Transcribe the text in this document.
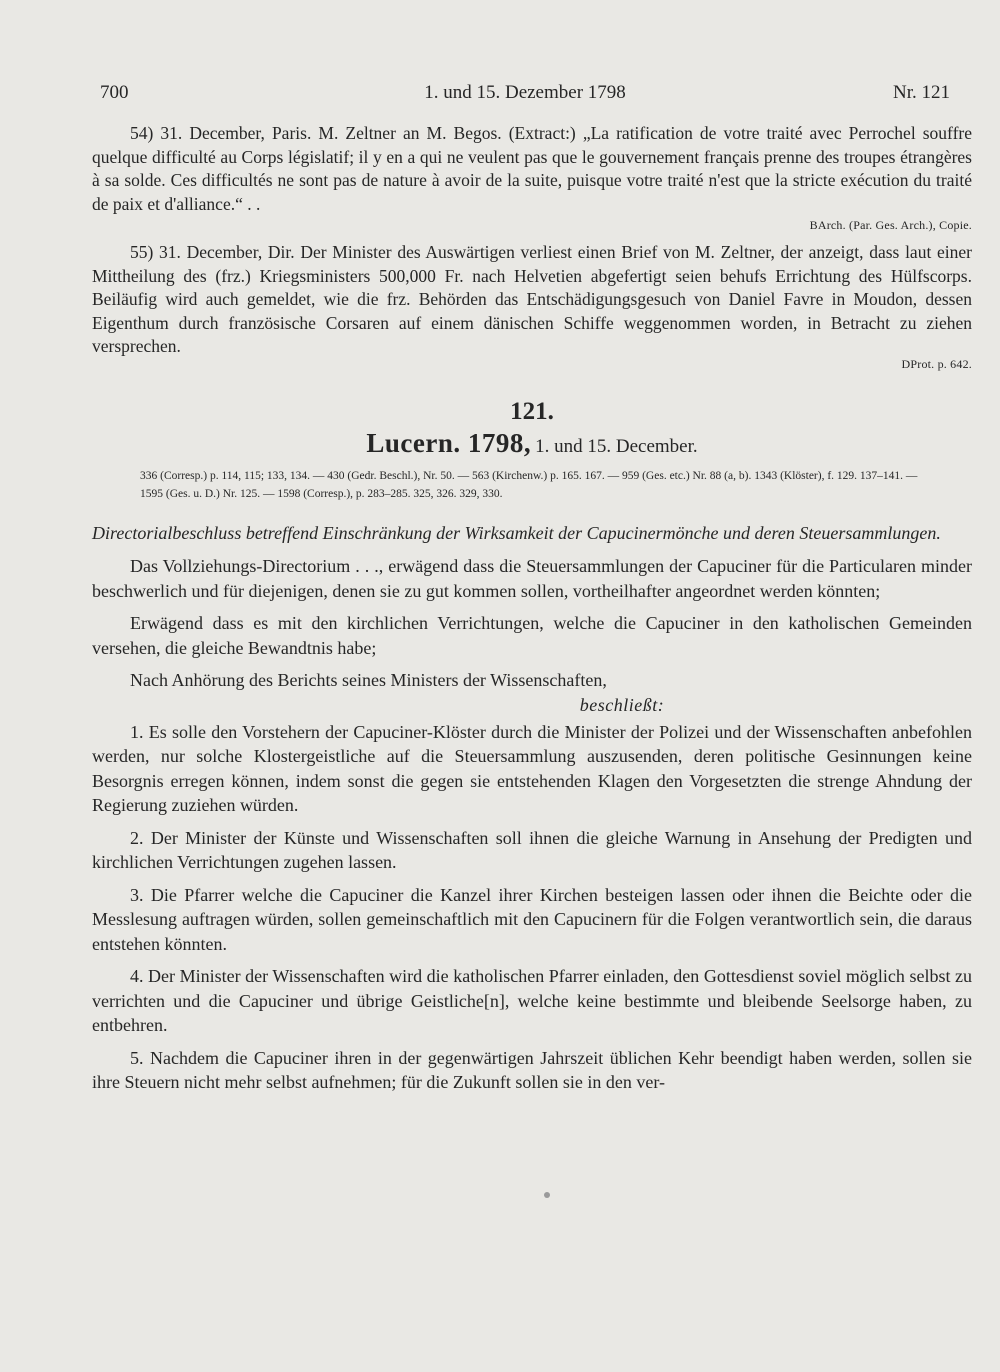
700	1. und 15. Dezember 1798	Nr. 121

54) 31. December, Paris. M. Zeltner an M. Begos. (Extract:) „La ratification de votre traité avec Perrochel souffre quelque difficulté au Corps législatif; il y en a qui ne veulent pas que le gouvernement français prenne des troupes étrangères à sa solde. Ces difficultés ne sont pas de nature à avoir de la suite, puisque votre traité n'est que la stricte exécution du traité de paix et d'alliance.“ . .

BArch. (Par. Ges. Arch.), Copie.

55) 31. December, Dir. Der Minister des Auswärtigen verliest einen Brief von M. Zeltner, der anzeigt, dass laut einer Mittheilung des (frz.) Kriegsministers 500,000 Fr. nach Helvetien abgefertigt seien behufs Errichtung des Hülfscorps. Beiläufig wird auch gemeldet, wie die frz. Behörden das Entschädigungsgesuch von Daniel Favre in Moudon, dessen Eigenthum durch französische Corsaren auf einem dänischen Schiffe weggenommen worden, in Betracht zu ziehen versprechen.

DProt. p. 642.

121.

Lucern. 1798, 1. und 15. December.

336 (Corresp.) p. 114, 115; 133, 134. — 430 (Gedr. Beschl.), Nr. 50. — 563 (Kirchenw.) p. 165. 167. — 959 (Ges. etc.) Nr. 88 (a, b). 1343 (Klöster), f. 129. 137–141. — 1595 (Ges. u. D.) Nr. 125. — 1598 (Corresp.), p. 283–285. 325, 326. 329, 330.

Directorialbeschluss betreffend Einschränkung der Wirksamkeit der Capucinermönche und deren Steuersammlungen.

Das Vollziehungs-Directorium . . ., erwägend dass die Steuersammlungen der Capuciner für die Particularen minder beschwerlich und für diejenigen, denen sie zu gut kommen sollen, vortheilhafter angeordnet werden könnten;

Erwägend dass es mit den kirchlichen Verrichtungen, welche die Capuciner in den katholischen Gemeinden versehen, die gleiche Bewandtnis habe;

Nach Anhörung des Berichts seines Ministers der Wissenschaften,

beschließt:

1. Es solle den Vorstehern der Capuciner-Klöster durch die Minister der Polizei und der Wissenschaften anbefohlen werden, nur solche Klostergeistliche auf die Steuersammlung auszusenden, deren politische Gesinnungen keine Besorgnis erregen können, indem sonst die gegen sie entstehenden Klagen den Vorgesetzten die strenge Ahndung der Regierung zuziehen würden.

2. Der Minister der Künste und Wissenschaften soll ihnen die gleiche Warnung in Ansehung der Predigten und kirchlichen Verrichtungen zugehen lassen.

3. Die Pfarrer welche die Capuciner die Kanzel ihrer Kirchen besteigen lassen oder ihnen die Beichte oder die Messlesung auftragen würden, sollen gemeinschaftlich mit den Capucinern für die Folgen verantwortlich sein, die daraus entstehen könnten.

4. Der Minister der Wissenschaften wird die katholischen Pfarrer einladen, den Gottesdienst soviel möglich selbst zu verrichten und die Capuciner und übrige Geistliche[n], welche keine bestimmte und bleibende Seelsorge haben, zu entbehren.

5. Nachdem die Capuciner ihren in der gegenwärtigen Jahrszeit üblichen Kehr beendigt haben werden, sollen sie ihre Steuern nicht mehr selbst aufnehmen; für die Zukunft sollen sie in den ver-
